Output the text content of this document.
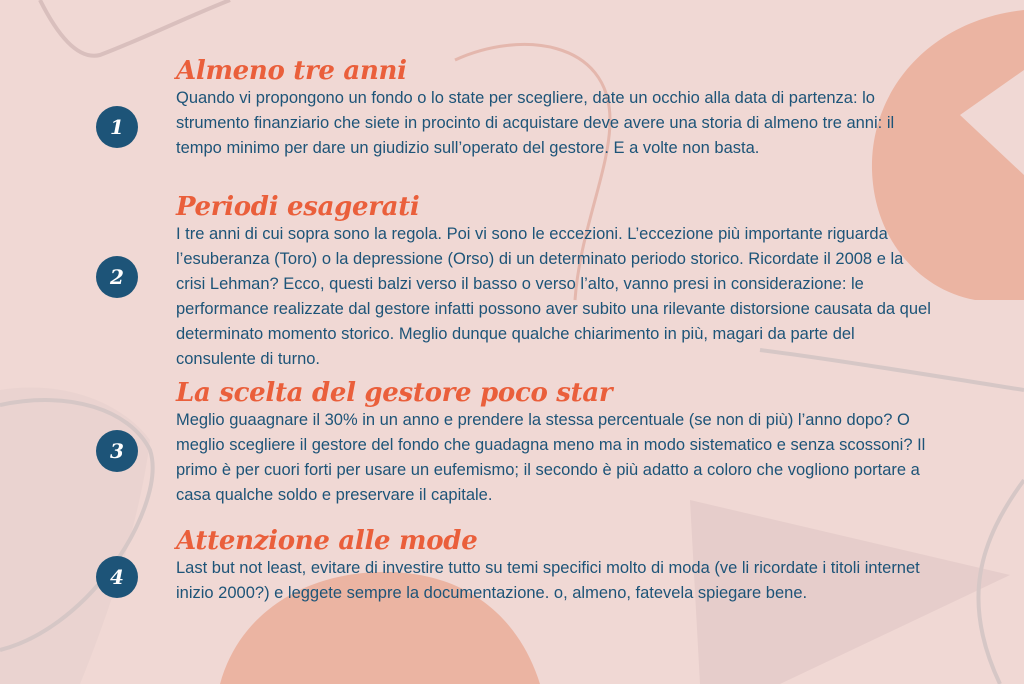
1
Almeno tre anni

Quando vi propongono un fondo o lo state per scegliere, date un occhio alla data di partenza: lo strumento finanziario che siete in procinto di acquistare deve avere una storia di almeno tre anni: il tempo minimo per dare un giudizio sull’operato del gestore. E a volte non basta.

2
Periodi esagerati

I tre anni di cui sopra sono la regola. Poi vi sono le eccezioni. L’eccezione più importante riguarda l’esuberanza (Toro) o la depressione (Orso) di un determinato periodo storico. Ricordate il 2008 e la crisi Lehman? Ecco, questi balzi verso il basso o verso l’alto, vanno presi in considerazione: le performance realizzate dal gestore infatti possono aver subito una rilevante distorsione causata da quel determinato momento storico. Meglio dunque qualche chiarimento in più, magari da parte del consulente di turno.

3
La scelta del gestore poco star

Meglio guaagnare il 30% in un anno e prendere la stessa percentuale (se non di più) l’anno dopo? O meglio scegliere il gestore del fondo che guadagna meno ma in modo sistematico e senza scossoni? Il primo è per cuori forti per usare un eufemismo; il secondo è più adatto a coloro che vogliono portare a casa qualche soldo e preservare il capitale.

4
Attenzione alle mode

Last but not least, evitare di investire tutto su temi specifici molto di moda (ve li ricordate i titoli internet inizio 2000?) e leggete sempre la documentazione. o, almeno, fatevela spiegare bene.
